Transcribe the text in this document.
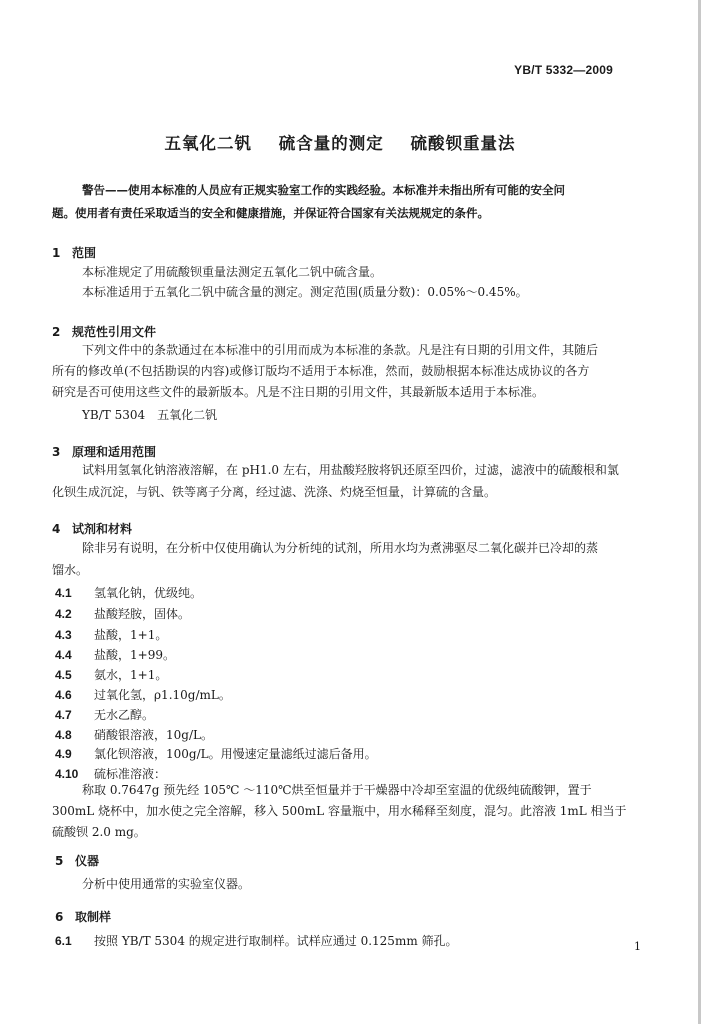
YB/T 5332—2009
五氧化二钒 硫含量的测定 硫酸钡重量法
警告——使用本标准的人员应有正规实验室工作的实践经验。本标准并未指出所有可能的安全问
题。使用者有责任采取适当的安全和健康措施，并保证符合国家有关法规规定的条件。
1 范围
本标准规定了用硫酸钡重量法测定五氧化二钒中硫含量。
本标准适用于五氧化二钒中硫含量的测定。测定范围(质量分数)：0.05%～0.45%。
2 规范性引用文件
下列文件中的条款通过在本标准中的引用而成为本标准的条款。凡是注有日期的引用文件，其随后
所有的修改单(不包括勘误的内容)或修订版均不适用于本标准，然而，鼓励根据本标准达成协议的各方
研究是否可使用这些文件的最新版本。凡是不注日期的引用文件，其最新版本适用于本标准。
YB/T 5304　五氧化二钒
3 原理和适用范围
试料用氢氧化钠溶液溶解，在 pH1.0 左右，用盐酸羟胺将钒还原至四价，过滤，滤液中的硫酸根和氯
化钡生成沉淀，与钒、铁等离子分离，经过滤、洗涤、灼烧至恒量，计算硫的含量。
4 试剂和材料
除非另有说明，在分析中仅使用确认为分析纯的试剂，所用水均为煮沸驱尽二氧化碳并已冷却的蒸
馏水。
4.1 氢氧化钠，优级纯。
4.2 盐酸羟胺，固体。
4.3 盐酸，1+1。
4.4 盐酸，1+99。
4.5 氨水，1+1。
4.6 过氧化氢，ρ1.10g/mL。
4.7 无水乙醇。
4.8 硝酸银溶液，10g/L。
4.9 氯化钡溶液，100g/L。用慢速定量滤纸过滤后备用。
4.10 硫标准溶液：
称取 0.7647g 预先经 105℃ ～110℃烘至恒量并于干燥器中冷却至室温的优级纯硫酸钾，置于
300mL 烧杯中，加水使之完全溶解，移入 500mL 容量瓶中，用水稀释至刻度，混匀。此溶液 1mL 相当于
硫酸钡 2.0 mg。
5 仪器
分析中使用通常的实验室仪器。
6 取制样
6.1 按照 YB/T 5304 的规定进行取制样。试样应通过 0.125mm 筛孔。	1
